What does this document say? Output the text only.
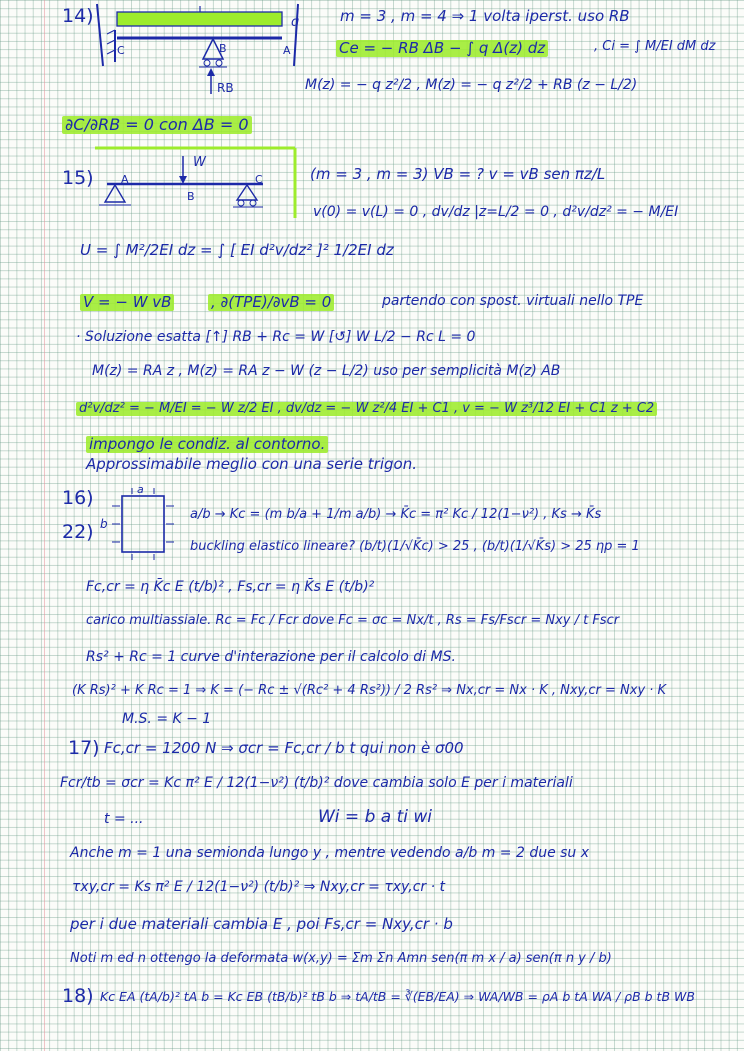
q
C	B	A
RB
W
A
B
C
a
b
14)
15)
16)
22)
17)
18)
m = 3 , m = 4 ⇒ 1 volta iperst. uso RB
Ce = − RB ΔB − ∫ q Δ(z) dz	, Ci = ∫ M/EI dM dz
M(z) = − q z²/2 , M(z) = − q z²/2 + RB (z − L/2)
∂C/∂RB = 0 con ΔB = 0
(m = 3 , m = 3) VB = ? v = vB sen πz/L
v(0) = v(L) = 0 , dv/dz |z=L/2 = 0 , d²v/dz² = − M/EI
U = ∫ M²/2EI dz = ∫ [ EI d²v/dz² ]² 1/2EI dz
V = − W vB	, ∂(TPE)/∂vB = 0	partendo con spost. virtuali nello TPE
· Soluzione esatta [↑] RB + Rc = W [↺] W L/2 − Rc L = 0
M(z) = RA z , M(z) = RA z − W (z − L/2) uso per semplicità M(z) AB
d²v/dz² = − M/EI = − W z/2 EI , dv/dz = − W z²/4 EI + C1 , v = − W z³/12 EI + C1 z + C2
impongo le condiz. al contorno.
Approssimabile meglio con una serie trigon.
a/b → Kc = (m b/a + 1/m a/b) → K̄c = π² Kc / 12(1−ν²) , Ks → K̄s
buckling elastico lineare? (b/t)(1/√K̄c) > 25 , (b/t)(1/√K̄s) > 25 ηp = 1
Fc,cr = η K̄c E (t/b)² , Fs,cr = η K̄s E (t/b)²
carico multiassiale. Rc = Fc / Fcr dove Fc = σc = Nx/t , Rs = Fs/Fscr = Nxy / t Fscr
Rs² + Rc = 1 curve d'interazione per il calcolo di MS.
(K Rs)² + K Rc = 1 ⇒ K = (− Rc ± √(Rc² + 4 Rs²)) / 2 Rs² ⇒ Nx,cr = Nx · K , Nxy,cr = Nxy · K
M.S. = K − 1
Fc,cr = 1200 N ⇒ σcr = Fc,cr / b t qui non è σ00
Fcr/tb = σcr = Kc π² E / 12(1−ν²) (t/b)² dove cambia solo E per i materiali
t = ...	Wi = b a ti wi
Anche m = 1 una semionda lungo y , mentre vedendo a/b m = 2 due su x
τxy,cr = Ks π² E / 12(1−ν²) (t/b)² ⇒ Nxy,cr = τxy,cr · t
per i due materiali cambia E , poi Fs,cr = Nxy,cr · b
Noti m ed n ottengo la deformata w(x,y) = Σm Σn Amn sen(π m x / a) sen(π n y / b)
Kc EA (tA/b)² tA b = Kc EB (tB/b)² tB b ⇒ tA/tB = ∛(EB/EA) ⇒ WA/WB = ρA b tA WA / ρB b tB WB
